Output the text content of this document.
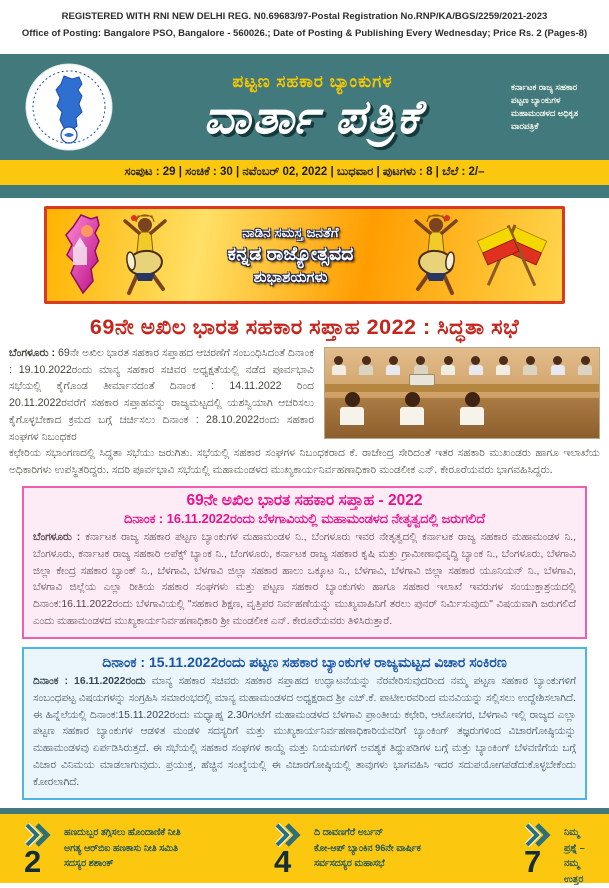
REGISTERED WITH RNI NEW DELHI REG. N0.69683/97-Postal Registration No.RNP/KA/BGS/2259/2021-2023
Office of Posting: Bangalore PSO, Bangalore - 560026.; Date of Posting & Publishing Every Wednesday; Price Rs. 2 (Pages-8)
ಪಟ್ಟಣ ಸಹಕಾರ ಬ್ಯಾಂಕುಗಳ
ವಾರ್ತಾ ಪತ್ರಿಕೆ
ಕರ್ನಾಟಕ ರಾಜ್ಯ ಸಹಕಾರ ಪಟ್ಟಣ ಬ್ಯಾಂಕುಗಳ ಮಹಾಮಂಡಳದ ಅಧಿಕೃತ ವಾರಪತ್ರಿಕೆ
ಸಂಪುಟ : 29 | ಸಂಚಿಕೆ : 30 | ನವೆಂಬರ್ 02, 2022 | ಬುಧವಾರ | ಪುಟಗಳು : 8 | ಬೆಲೆ : 2/–
ನಾಡಿನ ಸಮಸ್ತ ಜನತೆಗೆ
ಕನ್ನಡ ರಾಜ್ಯೋತ್ಸವದ
ಶುಭಾಶಯಗಳು
69ನೇ ಅಖಿಲ ಭಾರತ ಸಹಕಾರ ಸಪ್ತಾಹ 2022 : ಸಿದ್ಧತಾ ಸಭೆ

ಬೆಂಗಳೂರು : 69ನೇ ಅಖಿಲ ಭಾರತ ಸಹಕಾರ ಸಪ್ತಾಹದ ಆಚರಣೆಗೆ ಸಂಬಂಧಿಸಿದಂತೆ ದಿನಾಂಕ : 19.10.2022ರಂದು ಮಾನ್ಯ ಸಹಕಾರ ಸಚಿವರ ಅಧ್ಯಕ್ಷತೆಯಲ್ಲಿ ನಡೆದ ಪೂರ್ವಭಾವಿ ಸಭೆಯಲ್ಲಿ ಕೈಗೊಂಡ ತೀರ್ಮಾನದಂತೆ ದಿನಾಂಕ : 14.11.2022 ರಿಂದ 20.11.2022ರವರೆಗೆ ಸಹಕಾರ ಸಪ್ತಾಹವನ್ನು ರಾಜ್ಯಮಟ್ಟದಲ್ಲಿ ಯಶಸ್ವಿಯಾಗಿ ಆಚರಿಸಲು ಕೈಗೊಳ್ಳಬೇಕಾದ ಕ್ರಮದ ಬಗ್ಗೆ ಚರ್ಚಿಸಲು ದಿನಾಂಕ : 28.10.2022ರಂದು ಸಹಕಾರ ಸಂಘಗಳ ನಿಬಂಧಕರ

ಕಛೇರಿಯ ಸಭಾಂಗಣದಲ್ಲಿ ಸಿದ್ಧತಾ ಸಭೆಯು ಜರುಗಿತು. ಸಭೆಯಲ್ಲಿ ಸಹಕಾರ ಸಂಘಗಳ ನಿಬಂಧಕರಾದ ಕೆ. ರಾಜೇಂದ್ರ ಸೇರಿದಂತೆ ಇತರ ಸಹಕಾರಿ ಮುಖಂಡರು ಹಾಗೂ ಇಲಾಖೆಯ ಅಧಿಕಾರಿಗಳು ಉಪಸ್ಥಿತರಿದ್ದರು. ಸದರಿ ಪೂರ್ವಭಾವಿ ಸಭೆಯಲ್ಲಿ ಮಹಾಮಂಡಳದ ಮುಖ್ಯಕಾರ್ಯನಿರ್ವಹಣಾಧಿಕಾರಿ ಮಂಡಲೀಕ ಎನ್. ಕೇರೂರೆಯವರು ಭಾಗವಹಿಸಿದ್ದರು.

69ನೇ ಅಖಿಲ ಭಾರತ ಸಹಕಾರ ಸಪ್ತಾಹ - 2022
ದಿನಾಂಕ : 16.11.2022ರಂದು ಬೆಳಗಾವಿಯಲ್ಲಿ ಮಹಾಮಂಡಳದ ನೇತೃತ್ವದಲ್ಲಿ ಜರುಗಲಿದೆ
ಬೆಂಗಳೂರು : ಕರ್ನಾಟಕ ರಾಜ್ಯ ಸಹಕಾರ ಪಟ್ಟಣ ಬ್ಯಾಂಕುಗಳ ಮಹಾಮಂಡಳ ನಿ., ಬೆಂಗಳೂರು ಇವರ ನೇತೃತ್ವದಲ್ಲಿ ಕರ್ನಾಟಕ ರಾಜ್ಯ ಸಹಕಾರ ಮಹಾಮಂಡಳ ನಿ., ಬೆಂಗಳೂರು, ಕರ್ನಾಟಕ ರಾಜ್ಯ ಸಹಕಾರಿ ಅಪೆಕ್ಸ್ ಬ್ಯಾಂಕ ನಿ., ಬೆಂಗಳೂರು, ಕರ್ನಾಟಕ ರಾಜ್ಯ ಸಹಕಾರ ಕೃಷಿ ಮತ್ತು ಗ್ರಾಮೀಣಾಭಿವೃದ್ಧಿ ಬ್ಯಾಂಕ ನಿ., ಬೆಂಗಳೂರು, ಬೆಳಗಾವಿ ಜಿಲ್ಲಾ ಕೇಂದ್ರ ಸಹಕಾರ ಬ್ಯಾಂಕ್ ನಿ., ಬೆಳಗಾವಿ, ಬೆಳಗಾವಿ ಜಿಲ್ಲಾ ಸಹಕಾರ ಹಾಲು ಒಕ್ಕೂಟ ನಿ., ಬೆಳಗಾವಿ, ಬೆಳಗಾವಿ ಜಿಲ್ಲಾ ಸಹಕಾರ ಯೂನಿಯನ್ ನಿ., ಬೆಳಗಾವಿ, ಬೆಳಗಾವಿ ಜಿಲ್ಲೆಯ ಎಲ್ಲಾ ರೀತಿಯ ಸಹಕಾರ ಸಂಘಗಳು ಮತ್ತು ಪಟ್ಟಣ ಸಹಕಾರ ಬ್ಯಾಂಕುಗಳು ಹಾಗೂ ಸಹಕಾರ ಇಲಾಖೆ ಇವರುಗಳ ಸಂಯುಕ್ತಾಶ್ರಯದಲ್ಲಿ ದಿನಾಂಕ:16.11.2022ರಂದು ಬೆಳಗಾವಿಯಲ್ಲಿ "ಸಹಕಾರ ಶಿಕ್ಷಣ, ವೃತ್ತಿಪರ ನಿರ್ವಹಣೆಯನ್ನು ಮುಖ್ಯವಾಹಿನಿಗೆ ತರಲು ಪುನರ್ ನಿರ್ಮಿಸುವುದು" ವಿಷಯವಾಗಿ ಜರುಗಲಿದೆ ಎಂದು ಮಹಾಮಂಡಳದ ಮುಖ್ಯಕಾರ್ಯನಿರ್ವಹಣಾಧಿಕಾರಿ ಶ್ರೀ ಮಂಡಲೀಕ ಎನ್. ಕೇರೂರೆಯವರು ತಿಳಿಸಿರುತ್ತಾರೆ.
ದಿನಾಂಕ : 15.11.2022ರಂದು ಪಟ್ಟಣ ಸಹಕಾರ ಬ್ಯಾಂಕುಗಳ ರಾಜ್ಯಮಟ್ಟದ ವಿಚಾರ ಸಂಕಿರಣ
ದಿನಾಂಕ : 16.11.2022ರಂದು ಮಾನ್ಯ ಸಹಕಾರ ಸಚಿವರು ಸಹಕಾರ ಸಪ್ತಾಹದ ಉದ್ಘಾಟನೆಯನ್ನು ನೆರವೇರಿಸುವುದರಿಂದ ನಮ್ಮ ಪಟ್ಟಣ ಸಹಕಾರ ಬ್ಯಾಂಕುಗಳಿಗೆ ಸಂಬಂಧಪಟ್ಟ ವಿಷಯಗಳನ್ನು ಸಂಗ್ರಹಿಸಿ ಸಮಾರಂಭದಲ್ಲಿ ಮಾನ್ಯ ಮಹಾಮಂಡಳದ ಅಧ್ಯಕ್ಷರಾದ ಶ್ರೀ ಎಚ್.ಕೆ. ಪಾಟೀಲರವರಿಂದ ಮನವಿಯನ್ನು ಸಲ್ಲಿಸಲು ಉದ್ದೇಶಿಸಲಾಗಿದೆ. ಈ ಹಿನ್ನೆಲೆಯಲ್ಲಿ ದಿನಾಂಕ:15.11.2022ರಂದು ಮಧ್ಯಾಹ್ನ 2.30ಗಂಟೆಗೆ ಮಹಾಮಂಡಳದ ಬೆಳಗಾವಿ ಪ್ರಾಂತೀಯ ಕಛೇರಿ, ಆಟೋನಗರ, ಬೆಳಗಾವಿ ಇಲ್ಲಿ ರಾಜ್ಯದ ಎಲ್ಲಾ ಪಟ್ಟಣ ಸಹಕಾರ ಬ್ಯಾಂಕುಗಳ ಆಡಳಿತ ಮಂಡಳಿ ಸದಸ್ಯರಿಗೆ ಮತ್ತು ಮುಖ್ಯಕಾರ್ಯನಿರ್ವಹಣಾಧಿಕಾರಿಯವರಿಗೆ ಬ್ಯಾಂಕಿಂಗ್ ತಜ್ಞರುಗಳಿಂದ ವಿಚಾರಗೋಷ್ಠಿಯನ್ನು ಮಹಾಮಂಡಳವು ಏರ್ಪಡಿಸಿರುತ್ತದೆ. ಈ ಸಭೆಯಲ್ಲಿ ಸಹಕಾರ ಸಂಘಗಳ ಕಾಯ್ದೆ ಮತ್ತು ನಿಯಮಗಳಿಗೆ ಅವಶ್ಯಕ ತಿದ್ದುಪಡಿಗಳ ಬಗ್ಗೆ ಮತ್ತು ಬ್ಯಾಂಕಿಂಗ್ ಬೆಳವಣಿಗೆಯ ಬಗ್ಗೆ ವಿಚಾರ ವಿನಿಮಯ ಮಾಡಲಾಗುವುದು. ಪ್ರಯುಕ್ತ, ಹೆಚ್ಚಿನ ಸಂಖ್ಯೆಯಲ್ಲಿ ಈ ವಿಚಾರಗೋಷ್ಠಿಯಲ್ಲಿ ತಾವುಗಳು ಭಾಗವಹಿಸಿ ಇದರ ಸದುಪಯೋಗಪಡೆದುಕೊಳ್ಳಬೇಕೆಂದು ಕೋರಲಾಗಿದೆ.
2
ಹಣದುಬ್ಬರ ತಗ್ಗಿಸಲು ಹೊಂದಾಣಿಕೆ ನೀತಿ
ಅಗತ್ಯ ಆರ್‌ಬಿಐ ಹಣಕಾಸು ನೀತಿ ಸಮಿತಿ
ಸದಸ್ಯರ ಶಶಾಂಕ್	4
ದಿ ದಾವಣಗೆರೆ ಅರ್ಬನ್
ಕೋ-ಆಪ್ ಬ್ಯಾಂಕಿನ 96ನೇ ವಾರ್ಷಿಕ
ಸರ್ವಸದಸ್ಯರ ಮಹಾಸಭೆ	7
ನಿಮ್ಮ ಪ್ರಶ್ನೆ –
ನಮ್ಮ ಉತ್ತರ
